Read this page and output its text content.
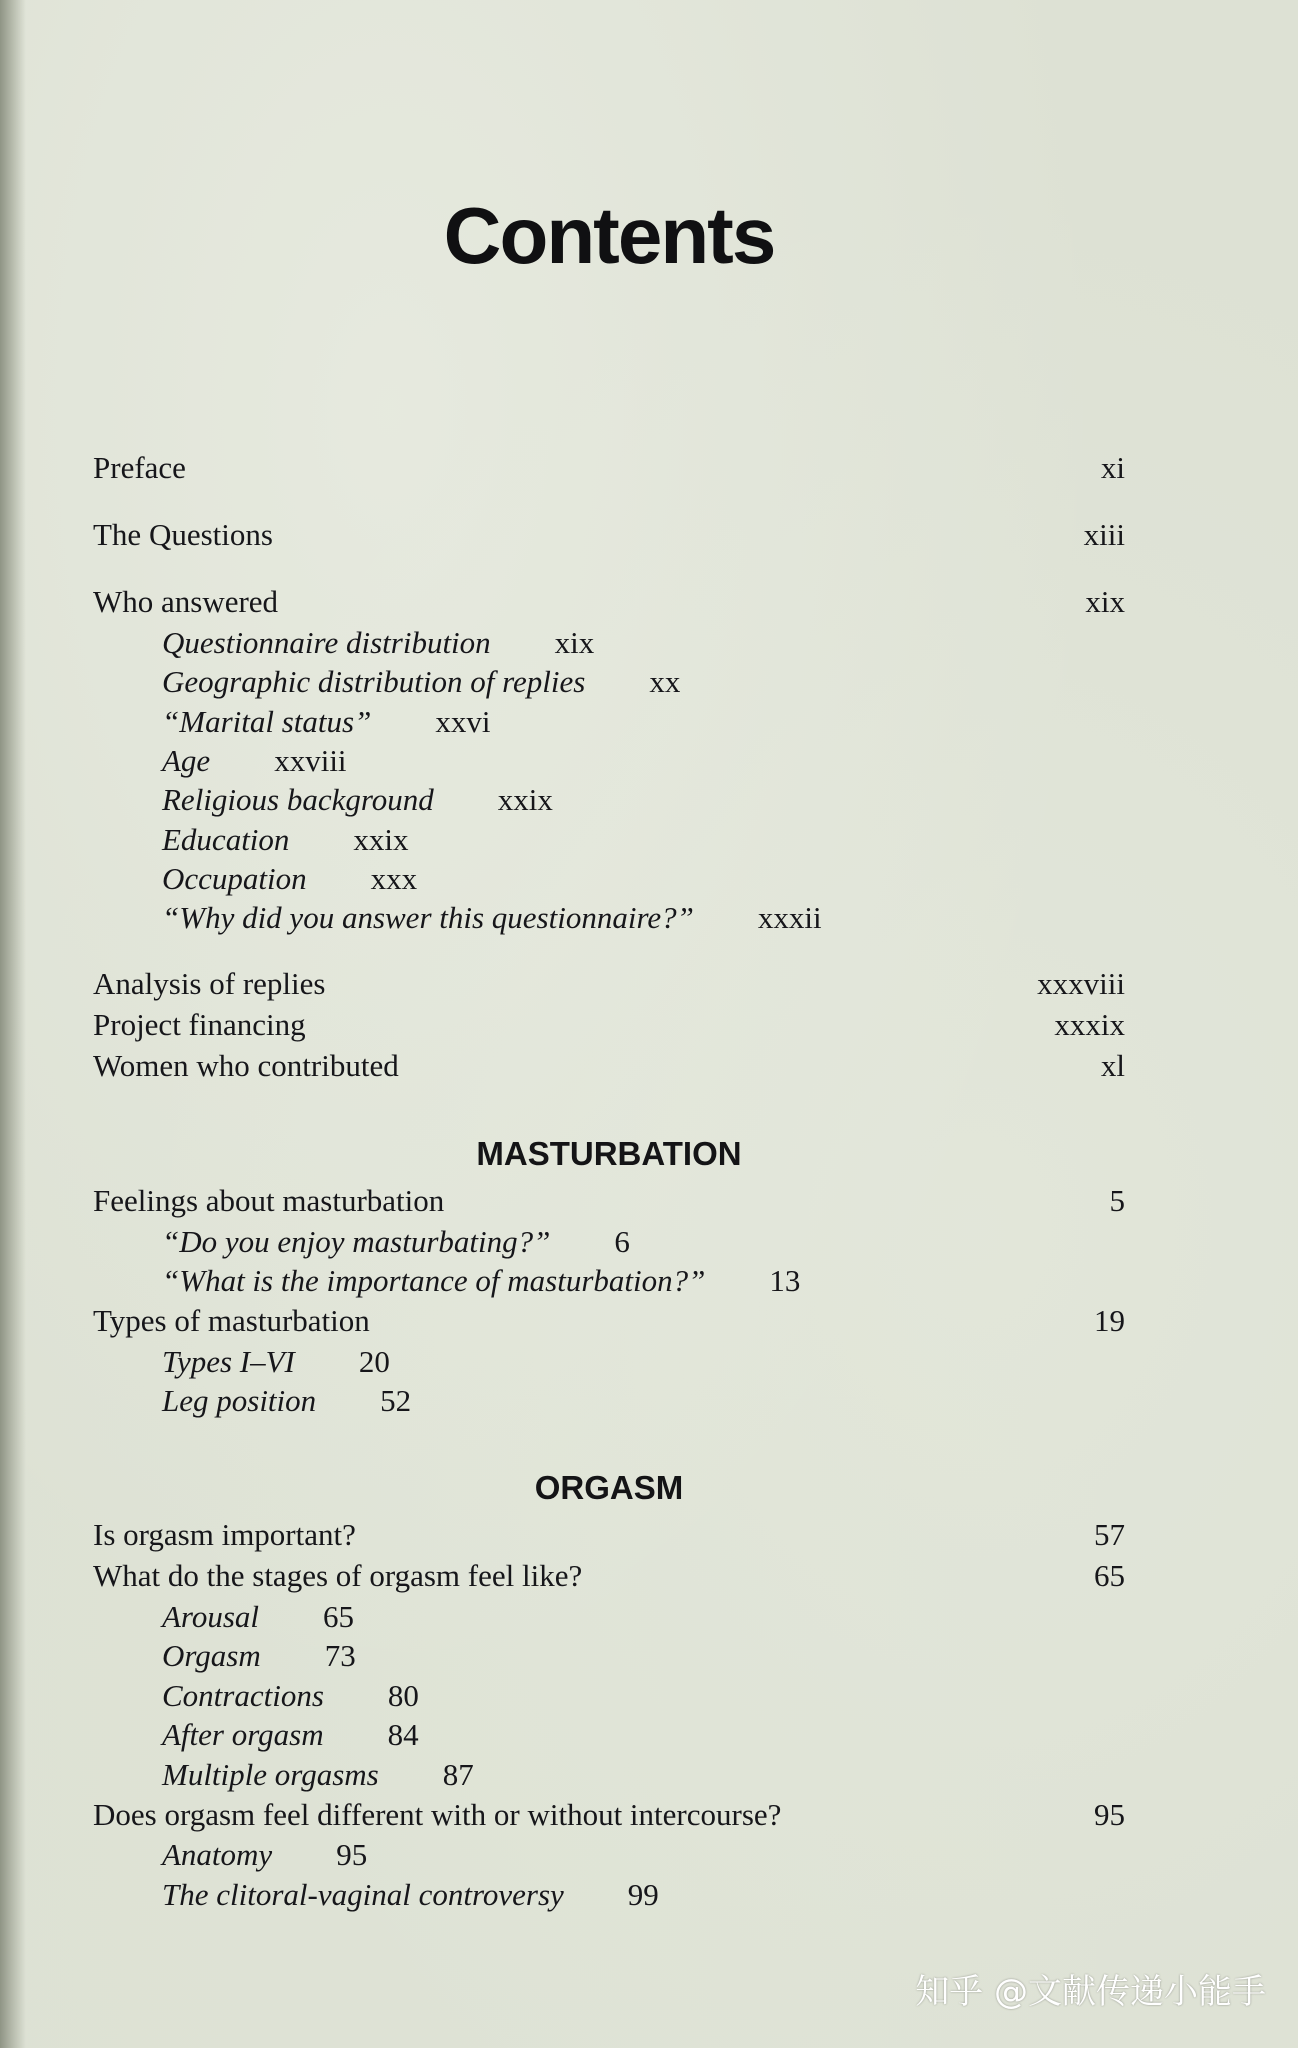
Contents
Preface	xi
The Questions	xiii
Who answered	xix
Questionnaire distribution xix
Geographic distribution of replies xx
“Marital status” xxvi
Age xxviii
Religious background xxix
Education xxix
Occupation xxx
“Why did you answer this questionnaire?” xxxii
Analysis of replies	xxxviii
Project financing	xxxix
Women who contributed	xl
MASTURBATION
Feelings about masturbation	5
“Do you enjoy masturbating?” 6
“What is the importance of masturbation?” 13
Types of masturbation	19
Types I–VI 20
Leg position 52
ORGASM
Is orgasm important?	57
What do the stages of orgasm feel like?	65
Arousal 65
Orgasm 73
Contractions 80
After orgasm 84
Multiple orgasms 87
Does orgasm feel different with or without intercourse?	95
Anatomy 95
The clitoral-vaginal controversy 99
知乎 @文献传递小能手
